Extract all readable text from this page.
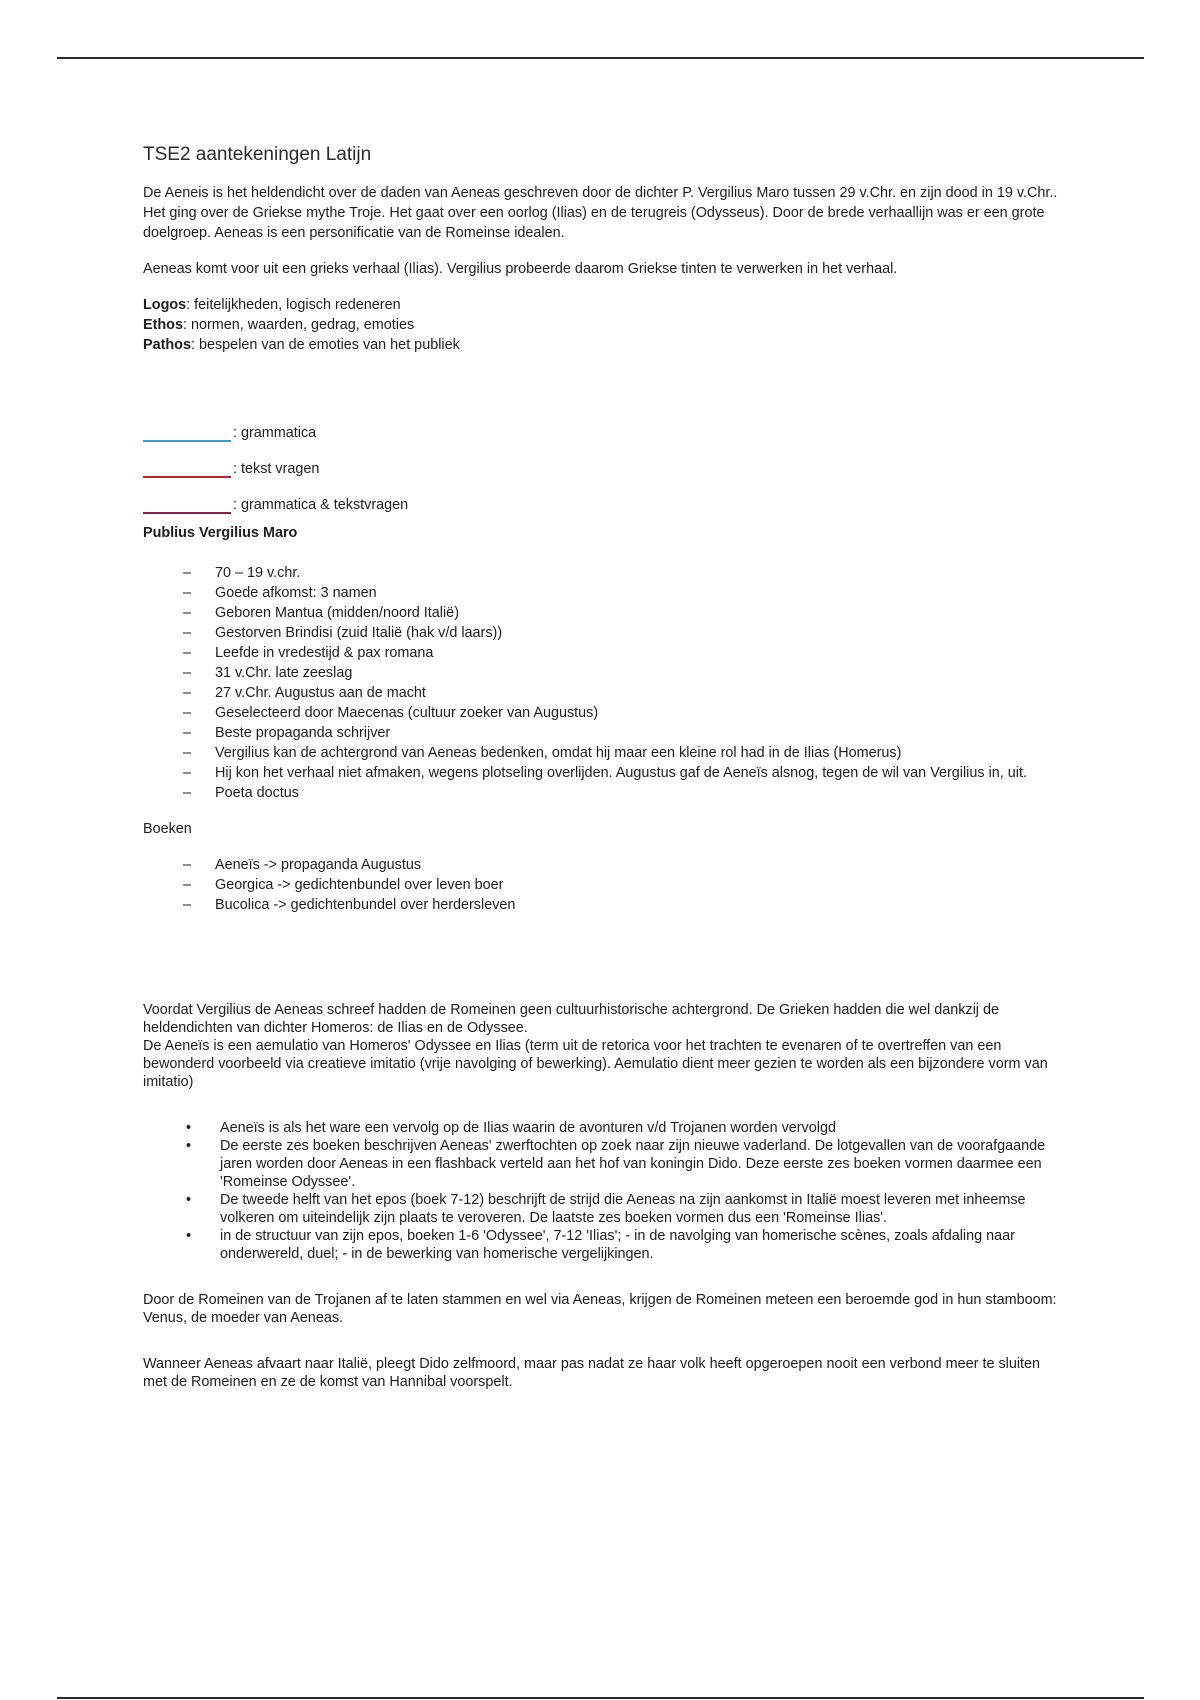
TSE2 aantekeningen Latijn

De Aeneis is het heldendicht over de daden van Aeneas geschreven door de dichter P. Vergilius Maro tussen 29 v.Chr. en zijn dood in 19 v.Chr.. Het ging over de Griekse mythe Troje. Het gaat over een oorlog (Ilias) en de terugreis (Odysseus). Door de brede verhaallijn was er een grote doelgroep. Aeneas is een personificatie van de Romeinse idealen.

Aeneas komt voor uit een grieks verhaal (Ilias). Vergilius probeerde daarom Griekse tinten te verwerken in het verhaal.

Logos: feitelijkheden, logisch redeneren

Ethos: normen, waarden, gedrag, emoties

Pathos: bespelen van de emoties van het publiek

: grammatica
: tekst vragen
: grammatica & tekstvragen

Publius Vergilius Maro

– 70 – 19 v.chr.
– Goede afkomst: 3 namen
– Geboren Mantua (midden/noord Italië)
– Gestorven Brindisi (zuid Italië (hak v/d laars))
– Leefde in vredestijd & pax romana
– 31 v.Chr. late zeeslag
– 27 v.Chr. Augustus aan de macht
– Geselecteerd door Maecenas (cultuur zoeker van Augustus)
– Beste propaganda schrijver
– Vergilius kan de achtergrond van Aeneas bedenken, omdat hij maar een kleine rol had in de Ilias (Homerus)
– Hij kon het verhaal niet afmaken, wegens plotseling overlijden. Augustus gaf de Aeneïs alsnog, tegen de wil van Vergilius in, uit.
– Poeta doctus

Boeken

– Aeneïs -> propaganda Augustus
– Georgica -> gedichtenbundel over leven boer
– Bucolica -> gedichtenbundel over herdersleven

Voordat Vergilius de Aeneas schreef hadden de Romeinen geen cultuurhistorische achtergrond. De Grieken hadden die wel dankzij de heldendichten van dichter Homeros: de Ilias en de Odyssee.

De Aeneïs is een aemulatio van Homeros' Odyssee en Ilias (term uit de retorica voor het trachten te evenaren of te overtreffen van een bewonderd voorbeeld via creatieve imitatio (vrije navolging of bewerking). Aemulatio dient meer gezien te worden als een bijzondere vorm van imitatio)

• Aeneïs is als het ware een vervolg op de Ilias waarin de avonturen v/d Trojanen worden vervolgd
• De eerste zes boeken beschrijven Aeneas' zwerftochten op zoek naar zijn nieuwe vaderland. De lotgevallen van de voorafgaande jaren worden door Aeneas in een flashback verteld aan het hof van koningin Dido. Deze eerste zes boeken vormen daarmee een 'Romeinse Odyssee'.
• De tweede helft van het epos (boek 7-12) beschrijft de strijd die Aeneas na zijn aankomst in Italië moest leveren met inheemse volkeren om uiteindelijk zijn plaats te veroveren. De laatste zes boeken vormen dus een 'Romeinse Ilias'.
• in de structuur van zijn epos, boeken 1-6 'Odyssee', 7-12 'Ilias'; - in de navolging van homerische scènes, zoals afdaling naar onderwereld, duel; - in de bewerking van homerische vergelijkingen.

Door de Romeinen van de Trojanen af te laten stammen en wel via Aeneas, krijgen de Romeinen meteen een beroemde god in hun stamboom: Venus, de moeder van Aeneas.

Wanneer Aeneas afvaart naar Italië, pleegt Dido zelfmoord, maar pas nadat ze haar volk heeft opgeroepen nooit een verbond meer te sluiten met de Romeinen en ze de komst van Hannibal voorspelt.
